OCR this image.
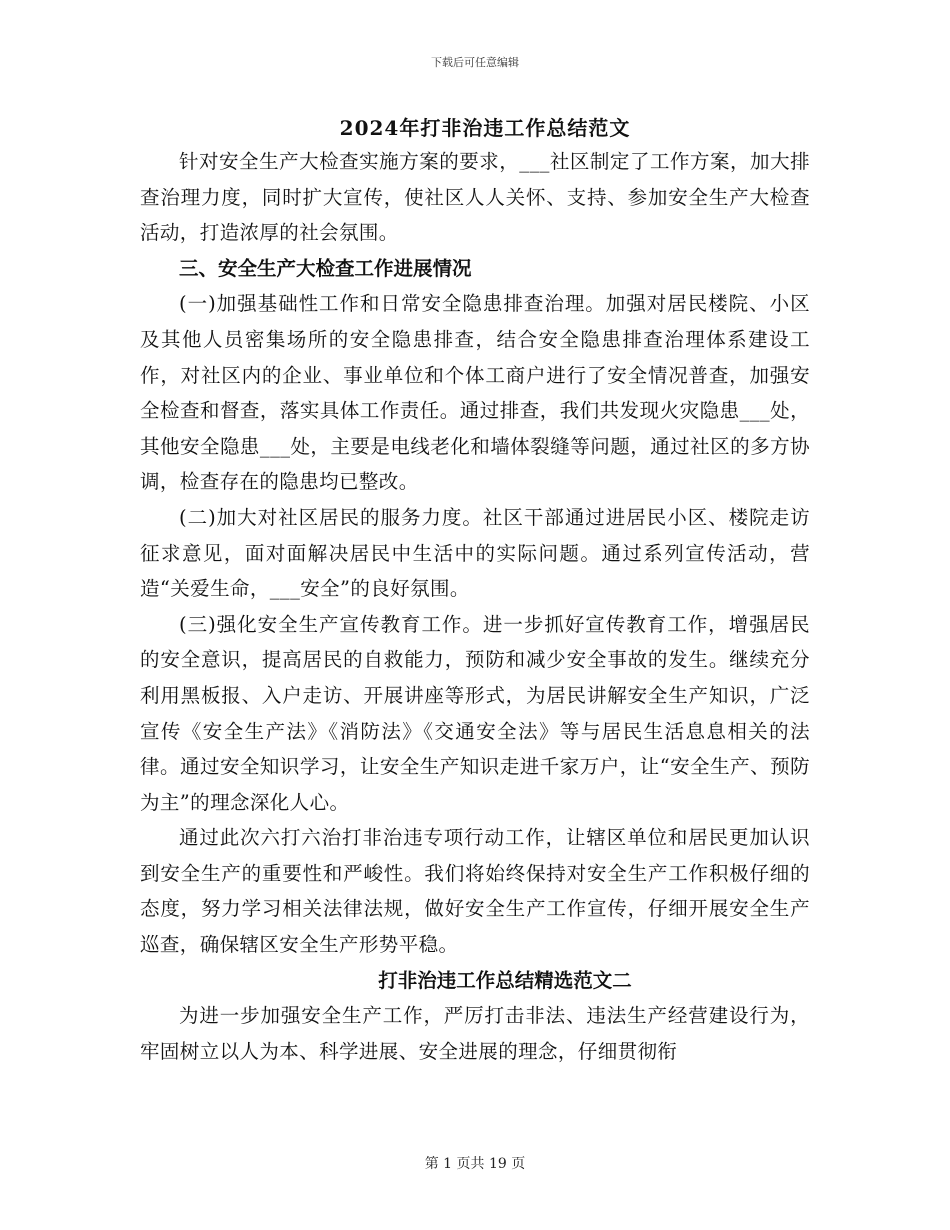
下载后可任意编辑
2024年打非治违工作总结范文

针对安全生产大检查实施方案的要求，___社区制定了工作方案，加大排查治理力度，同时扩大宣传，使社区人人关怀、支持、参加安全生产大检查活动，打造浓厚的社会氛围。

三、安全生产大检查工作进展情况

(一)加强基础性工作和日常安全隐患排查治理。加强对居民楼院、小区及其他人员密集场所的安全隐患排查，结合安全隐患排查治理体系建设工作，对社区内的企业、事业单位和个体工商户进行了安全情况普查，加强安全检查和督查，落实具体工作责任。通过排查，我们共发现火灾隐患___处，其他安全隐患___处，主要是电线老化和墙体裂缝等问题，通过社区的多方协调，检查存在的隐患均已整改。

(二)加大对社区居民的服务力度。社区干部通过进居民小区、楼院走访征求意见，面对面解决居民中生活中的实际问题。通过系列宣传活动，营造“关爱生命，___安全”的良好氛围。

(三)强化安全生产宣传教育工作。进一步抓好宣传教育工作，增强居民的安全意识，提高居民的自救能力，预防和减少安全事故的发生。继续充分利用黑板报、入户走访、开展讲座等形式，为居民讲解安全生产知识，广泛宣传《安全生产法》《消防法》《交通安全法》等与居民生活息息相关的法律。通过安全知识学习，让安全生产知识走进千家万户，让“安全生产、预防为主”的理念深化人心。

通过此次六打六治打非治违专项行动工作，让辖区单位和居民更加认识到安全生产的重要性和严峻性。我们将始终保持对安全生产工作积极仔细的态度，努力学习相关法律法规，做好安全生产工作宣传，仔细开展安全生产巡查，确保辖区安全生产形势平稳。

打非治违工作总结精选范文二

为进一步加强安全生产工作，严厉打击非法、违法生产经营建设行为，牢固树立以人为本、科学进展、安全进展的理念，仔细贯彻衔

第 1 页共 19 页
